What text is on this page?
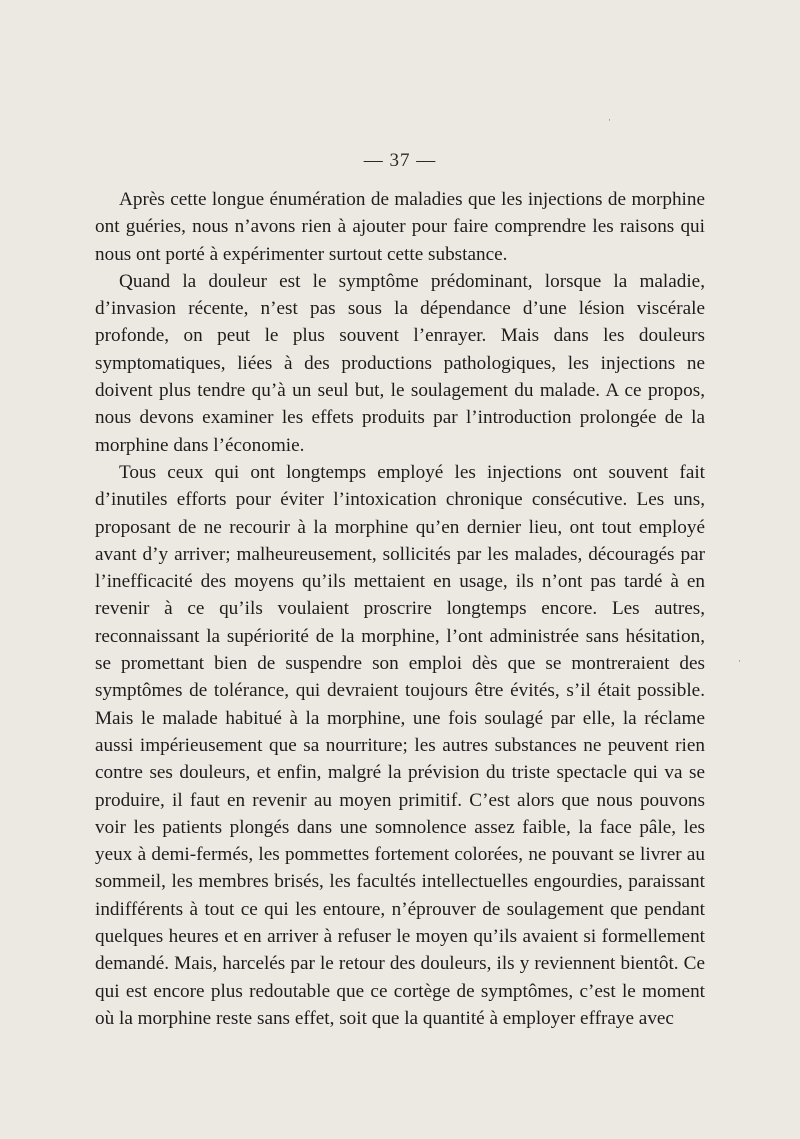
— 37 —
·
·

Après cette longue énumération de maladies que les injections de morphine ont guéries, nous n’avons rien à ajouter pour faire comprendre les raisons qui nous ont porté à expérimenter surtout cette substance.

Quand la douleur est le symptôme prédominant, lorsque la maladie, d’invasion récente, n’est pas sous la dépendance d’une lésion viscérale profonde, on peut le plus souvent l’enrayer. Mais dans les douleurs symptomatiques, liées à des productions pathologiques, les injections ne doivent plus tendre qu’à un seul but, le soulagement du malade. A ce propos, nous devons examiner les effets produits par l’introduction prolongée de la morphine dans l’économie.

Tous ceux qui ont longtemps employé les injections ont souvent fait d’inutiles efforts pour éviter l’intoxication chronique consécutive. Les uns, proposant de ne recourir à la morphine qu’en dernier lieu, ont tout employé avant d’y arriver; malheureusement, sollicités par les malades, découragés par l’inefficacité des moyens qu’ils mettaient en usage, ils n’ont pas tardé à en revenir à ce qu’ils voulaient proscrire longtemps encore. Les autres, reconnaissant la supériorité de la morphine, l’ont administrée sans hésitation, se promettant bien de suspendre son emploi dès que se montreraient des symptômes de tolérance, qui devraient toujours être évités, s’il était possible. Mais le malade habitué à la morphine, une fois soulagé par elle, la réclame aussi impérieusement que sa nourriture; les autres substances ne peuvent rien contre ses douleurs, et enfin, malgré la prévision du triste spectacle qui va se produire, il faut en revenir au moyen primitif. C’est alors que nous pouvons voir les patients plongés dans une somnolence assez faible, la face pâle, les yeux à demi-fermés, les pommettes fortement colorées, ne pouvant se livrer au sommeil, les membres brisés, les facultés intellectuelles engourdies, paraissant indifférents à tout ce qui les entoure, n’éprouver de soulagement que pendant quelques heures et en arriver à refuser le moyen qu’ils avaient si formellement demandé. Mais, harcelés par le retour des douleurs, ils y reviennent bientôt. Ce qui est encore plus redoutable que ce cortège de symptômes, c’est le moment où la morphine reste sans effet, soit que la quantité à employer effraye avec
